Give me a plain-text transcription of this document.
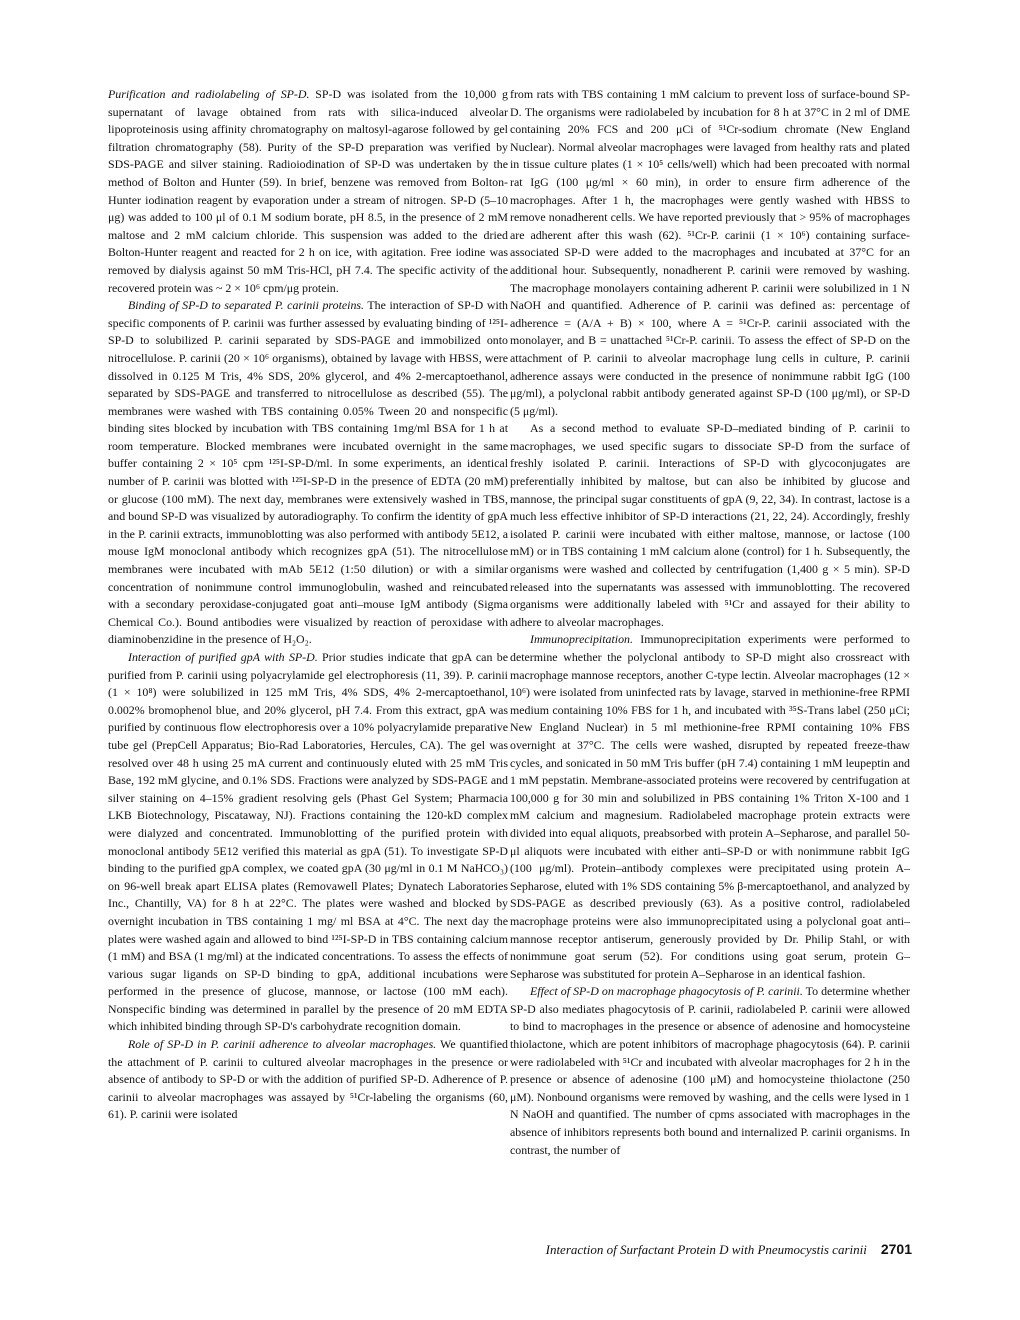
Purification and radiolabeling of SP-D. SP-D was isolated from the 10,000 g supernatant of lavage obtained from rats with silica-induced alveolar lipoproteinosis using affinity chromatography on maltosyl-agarose followed by gel filtration chromatography (58). Purity of the SP-D preparation was verified by SDS-PAGE and silver staining. Radioiodination of SP-D was undertaken by the method of Bolton and Hunter (59). In brief, benzene was removed from Bolton-Hunter iodination reagent by evaporation under a stream of nitrogen. SP-D (5–10 μg) was added to 100 μl of 0.1 M sodium borate, pH 8.5, in the presence of 2 mM maltose and 2 mM calcium chloride. This suspension was added to the dried Bolton-Hunter reagent and reacted for 2 h on ice, with agitation. Free iodine was removed by dialysis against 50 mM Tris-HCl, pH 7.4. The specific activity of the recovered protein was ~ 2 × 10⁶ cpm/μg protein.

Binding of SP-D to separated P. carinii proteins. The interaction of SP-D with specific components of P. carinii was further assessed by evaluating binding of ¹²⁵I-SP-D to solubilized P. carinii separated by SDS-PAGE and immobilized onto nitrocellulose. P. carinii (20 × 10⁶ organisms), obtained by lavage with HBSS, were dissolved in 0.125 M Tris, 4% SDS, 20% glycerol, and 4% 2-mercaptoethanol, separated by SDS-PAGE and transferred to nitrocellulose as described (55). The membranes were washed with TBS containing 0.05% Tween 20 and nonspecific binding sites blocked by incubation with TBS containing 1mg/ml BSA for 1 h at room temperature. Blocked membranes were incubated overnight in the same buffer containing 2 × 10⁵ cpm ¹²⁵I-SP-D/ml. In some experiments, an identical number of P. carinii was blotted with ¹²⁵I-SP-D in the presence of EDTA (20 mM) or glucose (100 mM). The next day, membranes were extensively washed in TBS, and bound SP-D was visualized by autoradiography. To confirm the identity of gpA in the P. carinii extracts, immunoblotting was also performed with antibody 5E12, a mouse IgM monoclonal antibody which recognizes gpA (51). The nitrocellulose membranes were incubated with mAb 5E12 (1:50 dilution) or with a similar concentration of nonimmune control immunoglobulin, washed and reincubated with a secondary peroxidase-conjugated goat anti–mouse IgM antibody (Sigma Chemical Co.). Bound antibodies were visualized by reaction of peroxidase with diaminobenzidine in the presence of H₂O₂.

Interaction of purified gpA with SP-D. Prior studies indicate that gpA can be purified from P. carinii using polyacrylamide gel electrophoresis (11, 39). P. carinii (1 × 10⁸) were solubilized in 125 mM Tris, 4% SDS, 4% 2-mercaptoethanol, 0.002% bromophenol blue, and 20% glycerol, pH 7.4. From this extract, gpA was purified by continuous flow electrophoresis over a 10% polyacrylamide preparative tube gel (PrepCell Apparatus; Bio-Rad Laboratories, Hercules, CA). The gel was resolved over 48 h using 25 mA current and continuously eluted with 25 mM Tris Base, 192 mM glycine, and 0.1% SDS. Fractions were analyzed by SDS-PAGE and silver staining on 4–15% gradient resolving gels (Phast Gel System; Pharmacia LKB Biotechnology, Piscataway, NJ). Fractions containing the 120-kD complex were dialyzed and concentrated. Immunoblotting of the purified protein with monoclonal antibody 5E12 verified this material as gpA (51). To investigate SP-D binding to the purified gpA complex, we coated gpA (30 μg/ml in 0.1 M NaHCO₃) on 96-well break apart ELISA plates (Removawell Plates; Dynatech Laboratories Inc., Chantilly, VA) for 8 h at 22°C. The plates were washed and blocked by overnight incubation in TBS containing 1 mg/ ml BSA at 4°C. The next day the plates were washed again and allowed to bind ¹²⁵I-SP-D in TBS containing calcium (1 mM) and BSA (1 mg/ml) at the indicated concentrations. To assess the effects of various sugar ligands on SP-D binding to gpA, additional incubations were performed in the presence of glucose, mannose, or lactose (100 mM each). Nonspecific binding was determined in parallel by the presence of 20 mM EDTA which inhibited binding through SP-D's carbohydrate recognition domain.

Role of SP-D in P. carinii adherence to alveolar macrophages. We quantified the attachment of P. carinii to cultured alveolar macrophages in the presence or absence of antibody to SP-D or with the addition of purified SP-D. Adherence of P. carinii to alveolar macrophages was assayed by ⁵¹Cr-labeling the organisms (60, 61). P. carinii were isolated

from rats with TBS containing 1 mM calcium to prevent loss of surface-bound SP-D. The organisms were radiolabeled by incubation for 8 h at 37°C in 2 ml of DME containing 20% FCS and 200 μCi of ⁵¹Cr-sodium chromate (New England Nuclear). Normal alveolar macrophages were lavaged from healthy rats and plated in tissue culture plates (1 × 10⁵ cells/well) which had been precoated with normal rat IgG (100 μg/ml × 60 min), in order to ensure firm adherence of the macrophages. After 1 h, the macrophages were gently washed with HBSS to remove nonadherent cells. We have reported previously that > 95% of macrophages are adherent after this wash (62). ⁵¹Cr-P. carinii (1 × 10⁶) containing surface-associated SP-D were added to the macrophages and incubated at 37°C for an additional hour. Subsequently, nonadherent P. carinii were removed by washing. The macrophage monolayers containing adherent P. carinii were solubilized in 1 N NaOH and quantified. Adherence of P. carinii was defined as: percentage of adherence = (A/A + B) × 100, where A = ⁵¹Cr-P. carinii associated with the monolayer, and B = unattached ⁵¹Cr-P. carinii. To assess the effect of SP-D on the attachment of P. carinii to alveolar macrophage lung cells in culture, P. carinii adherence assays were conducted in the presence of nonimmune rabbit IgG (100 μg/ml), a polyclonal rabbit antibody generated against SP-D (100 μg/ml), or SP-D (5 μg/ml).

As a second method to evaluate SP-D–mediated binding of P. carinii to macrophages, we used specific sugars to dissociate SP-D from the surface of freshly isolated P. carinii. Interactions of SP-D with glycoconjugates are preferentially inhibited by maltose, but can also be inhibited by glucose and mannose, the principal sugar constituents of gpA (9, 22, 34). In contrast, lactose is a much less effective inhibitor of SP-D interactions (21, 22, 24). Accordingly, freshly isolated P. carinii were incubated with either maltose, mannose, or lactose (100 mM) or in TBS containing 1 mM calcium alone (control) for 1 h. Subsequently, the organisms were washed and collected by centrifugation (1,400 g × 5 min). SP-D released into the supernatants was assessed with immunoblotting. The recovered organisms were additionally labeled with ⁵¹Cr and assayed for their ability to adhere to alveolar macrophages.

Immunoprecipitation. Immunoprecipitation experiments were performed to determine whether the polyclonal antibody to SP-D might also crossreact with macrophage mannose receptors, another C-type lectin. Alveolar macrophages (12 × 10⁶) were isolated from uninfected rats by lavage, starved in methionine-free RPMI medium containing 10% FBS for 1 h, and incubated with ³⁵S-Trans label (250 μCi; New England Nuclear) in 5 ml methionine-free RPMI containing 10% FBS overnight at 37°C. The cells were washed, disrupted by repeated freeze-thaw cycles, and sonicated in 50 mM Tris buffer (pH 7.4) containing 1 mM leupeptin and 1 mM pepstatin. Membrane-associated proteins were recovered by centrifugation at 100,000 g for 30 min and solubilized in PBS containing 1% Triton X-100 and 1 mM calcium and magnesium. Radiolabeled macrophage protein extracts were divided into equal aliquots, preabsorbed with protein A–Sepharose, and parallel 50-μl aliquots were incubated with either anti–SP-D or with nonimmune rabbit IgG (100 μg/ml). Protein–antibody complexes were precipitated using protein A–Sepharose, eluted with 1% SDS containing 5% β-mercaptoethanol, and analyzed by SDS-PAGE as described previously (63). As a positive control, radiolabeled macrophage proteins were also immunoprecipitated using a polyclonal goat anti–mannose receptor antiserum, generously provided by Dr. Philip Stahl, or with nonimmune goat serum (52). For conditions using goat serum, protein G–Sepharose was substituted for protein A–Sepharose in an identical fashion.

Effect of SP-D on macrophage phagocytosis of P. carinii. To determine whether SP-D also mediates phagocytosis of P. carinii, radiolabeled P. carinii were allowed to bind to macrophages in the presence or absence of adenosine and homocysteine thiolactone, which are potent inhibitors of macrophage phagocytosis (64). P. carinii were radiolabeled with ⁵¹Cr and incubated with alveolar macrophages for 2 h in the presence or absence of adenosine (100 μM) and homocysteine thiolactone (250 μM). Nonbound organisms were removed by washing, and the cells were lysed in 1 N NaOH and quantified. The number of cpms associated with macrophages in the absence of inhibitors represents both bound and internalized P. carinii organisms. In contrast, the number of

Interaction of Surfactant Protein D with Pneumocystis carinii 2701
